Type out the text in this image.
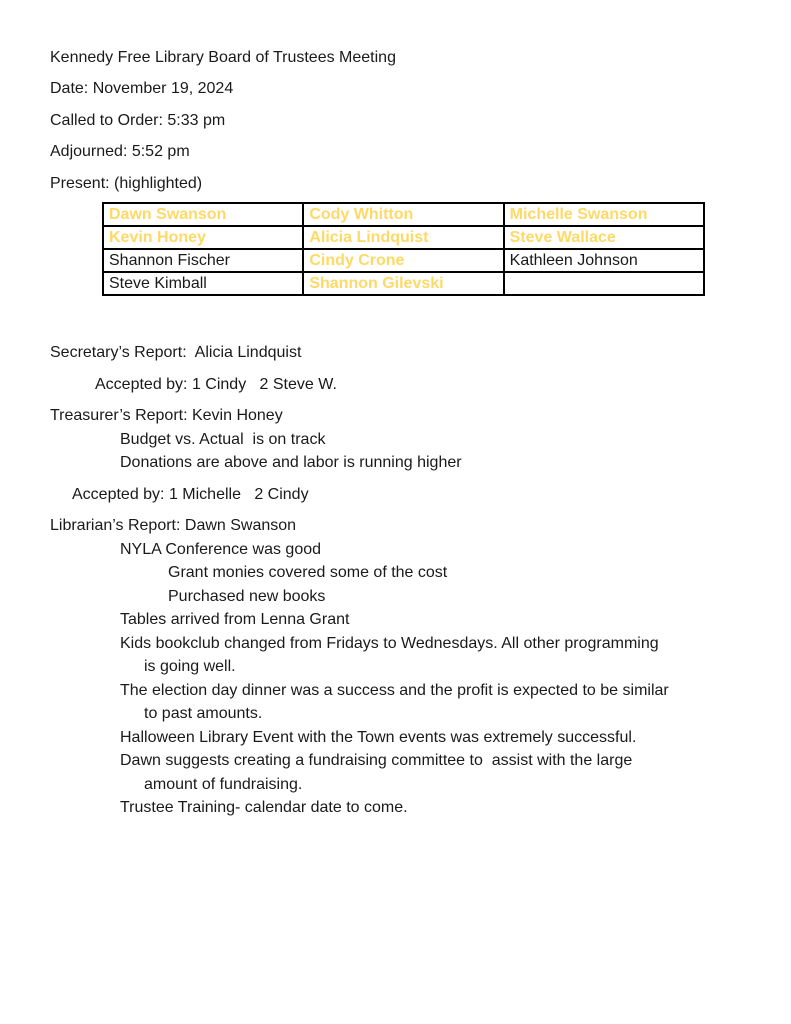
Kennedy Free Library Board of Trustees Meeting
Date: November 19, 2024
Called to Order: 5:33 pm
Adjourned: 5:52 pm
Present: (highlighted)
Dawn Swanson	Cody Whitton	Michelle Swanson
Kevin Honey	Alicia Lindquist	Steve Wallace
Shannon Fischer	Cindy Crone	Kathleen Johnson
Steve Kimball	Shannon Gilevski	
Secretary’s Report:  Alicia Lindquist
Accepted by: 1 Cindy   2 Steve W.
Treasurer’s Report: Kevin Honey
Budget vs. Actual  is on track
Donations are above and labor is running higher
Accepted by: 1 Michelle   2 Cindy
Librarian’s Report: Dawn Swanson
NYLA Conference was good
Grant monies covered some of the cost
Purchased new books
Tables arrived from Lenna Grant
Kids bookclub changed from Fridays to Wednesdays. All other programming
is going well.
The election day dinner was a success and the profit is expected to be similar
to past amounts.
Halloween Library Event with the Town events was extremely successful.
Dawn suggests creating a fundraising committee to  assist with the large
amount of fundraising.
Trustee Training- calendar date to come.
